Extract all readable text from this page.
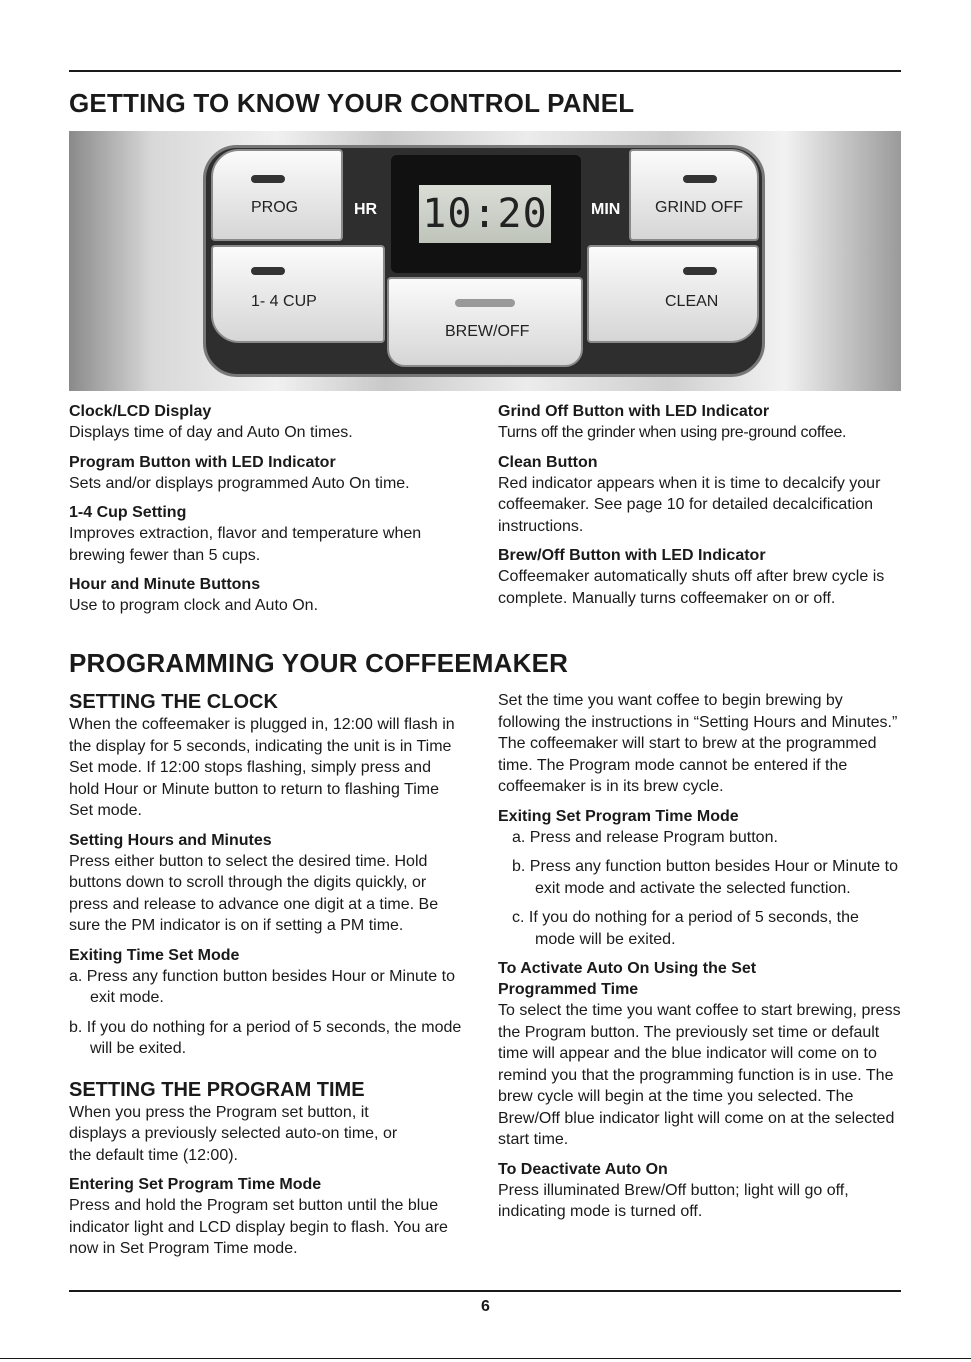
GETTING TO KNOW YOUR CONTROL PANEL
PROG
1- 4 CUP
HR 10:20	MIN GRIND OFF
CLEAN
BREW/OFF
Clock/LCD Display

Displays time of day and Auto On times.

Program Button with LED Indicator

Sets and/or displays programmed Auto On time.

1-4 Cup Setting

Improves extraction, flavor and temperature when brewing fewer than 5 cups.

Hour and Minute Buttons

Use to program clock and Auto On.

Grind Off Button with LED Indicator

Turns off the grinder when using pre-ground coffee.

Clean Button

Red indicator appears when it is time to decalcify your coffeemaker. See page 10 for detailed decalcification instructions.

Brew/Off Button with LED Indicator

Coffeemaker automatically shuts off after brew cycle is complete. Manually turns coffeemaker on or off.

PROGRAMMING YOUR COFFEEMAKER
SETTING THE CLOCK

When the coffeemaker is plugged in, 12:00 will flash in the display for 5 seconds, indicating the unit is in Time Set mode. If 12:00 stops flashing, simply press and hold Hour or Minute button to return to flashing Time Set mode.

Setting Hours and Minutes

Press either button to select the desired time. Hold buttons down to scroll through the digits quickly, or press and release to advance one digit at a time. Be sure the PM indicator is on if setting a PM time.

Exiting Time Set Mode

a. Press any function button besides Hour or Minute to exit mode.

b. If you do nothing for a period of 5 seconds, the mode will be exited.

SETTING THE PROGRAM TIME

When you press the Program set button, it displays a previously selected auto-on time, or the default time (12:00).

Entering Set Program Time Mode

Press and hold the Program set button until the blue indicator light and LCD display begin to flash. You are now in Set Program Time mode.

Set the time you want coffee to begin brewing by following the instructions in “Setting Hours and Minutes.” The coffeemaker will start to brew at the programmed time. The Program mode cannot be entered if the coffeemaker is in its brew cycle.

Exiting Set Program Time Mode

a. Press and release Program button.

b. Press any function button besides Hour or Minute to exit mode and activate the selected function.

c. If you do nothing for a period of 5 seconds, the mode will be exited.

To Activate Auto On Using the Set Programmed Time

To select the time you want coffee to start brewing, press the Program button. The previously set time or default time will appear and the blue indicator will come on to remind you that the programming function is in use. The brew cycle will begin at the time you selected. The Brew/Off blue indicator light will come on at the selected start time.

To Deactivate Auto On

Press illuminated Brew/Off button; light will go off, indicating mode is turned off.

6
